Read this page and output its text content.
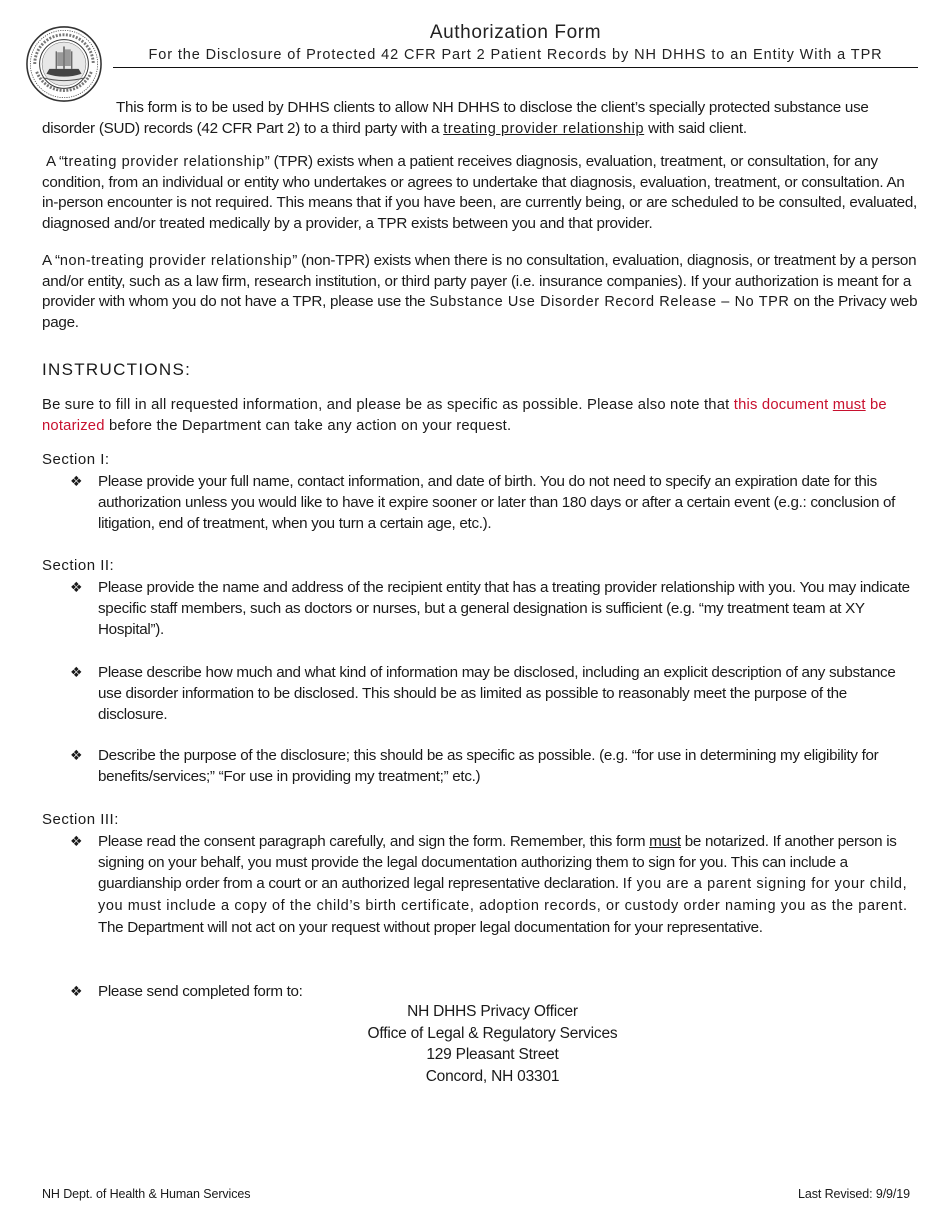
Authorization Form
For the Disclosure of Protected 42 CFR Part 2 Patient Records by NH DHHS to an Entity With a TPR
This form is to be used by DHHS clients to allow NH DHHS to disclose the client’s specially protected substance use disorder (SUD) records (42 CFR Part 2) to a third party with a treating provider relationship with said client.
A “treating provider relationship” (TPR) exists when a patient receives diagnosis, evaluation, treatment, or consultation, for any condition, from an individual or entity who undertakes or agrees to undertake that diagnosis, evaluation, treatment, or consultation. An in-person encounter is not required. This means that if you have been, are currently being, or are scheduled to be consulted, evaluated, diagnosed and/or treated medically by a provider, a TPR exists between you and that provider.
A “non-treating provider relationship” (non-TPR) exists when there is no consultation, evaluation, diagnosis, or treatment by a person and/or entity, such as a law firm, research institution, or third party payer (i.e. insurance companies). If your authorization is meant for a provider with whom you do not have a TPR, please use the Substance Use Disorder Record Release – No TPR on the Privacy web page.
INSTRUCTIONS:
Be sure to fill in all requested information, and please be as specific as possible. Please also note that this document must be notarized before the Department can take any action on your request.
Section I:
❖ Please provide your full name, contact information, and date of birth. You do not need to specify an expiration date for this authorization unless you would like to have it expire sooner or later than 180 days or after a certain event (e.g.: conclusion of litigation, end of treatment, when you turn a certain age, etc.).
Section II:
❖ Please provide the name and address of the recipient entity that has a treating provider relationship with you. You may indicate specific staff members, such as doctors or nurses, but a general designation is sufficient (e.g. “my treatment team at XY Hospital”).
❖ Please describe how much and what kind of information may be disclosed, including an explicit description of any substance use disorder information to be disclosed. This should be as limited as possible to reasonably meet the purpose of the disclosure.
❖ Describe the purpose of the disclosure; this should be as specific as possible. (e.g. “for use in determining my eligibility for benefits/services;” “For use in providing my treatment;” etc.)
Section III:
❖ Please read the consent paragraph carefully, and sign the form. Remember, this form must be notarized. If another person is signing on your behalf, you must provide the legal documentation authorizing them to sign for you. This can include a guardianship order from a court or an authorized legal representative declaration. If you are a parent signing for your child, you must include a copy of the child’s birth certificate, adoption records, or custody order naming you as the parent. The Department will not act on your request without proper legal documentation for your representative.
❖ Please send completed form to:
NH DHHS Privacy Officer
Office of Legal & Regulatory Services
129 Pleasant Street
Concord, NH 03301
NH Dept. of Health & Human Services	Last Revised: 9/9/19
